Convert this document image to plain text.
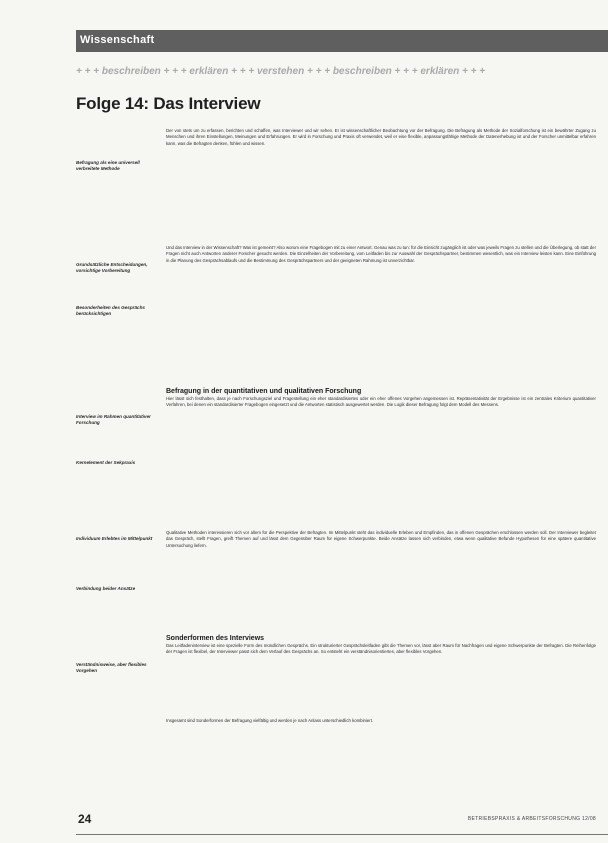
Wissenschaft
+ + + beschreiben + + + erklären + + + verstehen + + + beschreiben + + + erklären + + +
Folge 14: Das Interview
Befragung als eine universell verbreitete Methode
Grundsätzliche Entscheidungen, vorsichtige Vorbereitung
Besonderheiten des Gesprächs berücksichtigen
Interview im Rahmen quantitativer Forschung
Kernelement der Sekpraxis
Individuum Erlebtes im Mittelpunkt
Verbindung beider Ansätze
Verständnisweise, aber flexibles Vorgehen

Der von stets um zu erfassen, berichten und schaffen, was Interviewer und wir sehen. Er ist wissenschaftlicher Beobachtung vor der Befragung. Die Befragung als Methode der Sozialforschung ist ein bewährter Zugang zu Menschen und ihren Einstellungen, Meinungen und Erfahrungen. Er wird in Forschung und Praxis oft verwendet, weil er eine flexible, anpassungsfähige Methode der Datenerhebung ist und der Forscher unmittelbar erfahren kann, was die Befragten denken, fühlen und wissen.

Und das Interview in der Wissenschaft? Was ist gemeint? Also worum eine Fragebogen mit zu einer Antwort. Genau was zu tun: für die Einsicht zugänglich ist oder was jeweils Fragen zu stellen und die Überlegung, ob statt der Fragen nicht auch Antworten anderer Forscher gesucht werden. Die Einzelheiten der Vorbereitung, vom Leitfaden bis zur Auswahl der Gesprächspartner, bestimmen wesentlich, was ein Interview leisten kann. Eine Einführung in die Planung des Gesprächsablaufs und die Bestimmung des Gesprächspartners und der geeigneten Rahmung ist unverzichtbar.

Befragung in der quantitativen und qualitativen Forschung

Hier lässt sich festhalten, dass je nach Forschungsziel und Fragestellung ein eher standardisiertes oder ein eher offenes Vorgehen angemessen ist. Repräsentativität der Ergebnisse ist ein zentrales Kriterium quantitativer Verfahren, bei denen ein standardisierter Fragebogen eingesetzt und die Antworten statistisch ausgewertet werden. Die Logik dieser Befragung folgt dem Modell des Messens.

Qualitative Methoden interessieren sich vor allem für die Perspektive der Befragten. Im Mittelpunkt steht das individuelle Erleben und Empfinden, das in offenen Gesprächen erschlossen werden soll. Der Interviewer begleitet das Gespräch, stellt Fragen, greift Themen auf und lässt dem Gegenüber Raum für eigene Schwerpunkte. Beide Ansätze lassen sich verbinden, etwa wenn qualitative Befunde Hypothesen für eine spätere quantitative Untersuchung liefern.

Sonderformen des Interviews

Das Leitfadeninterview ist eine spezielle Form des mündlichen Gesprächs. Ein strukturierter Gesprächsleitfaden gibt die Themen vor, lässt aber Raum für Nachfragen und eigene Schwerpunkte der Befragten. Die Reihenfolge der Fragen ist flexibel, der Interviewer passt sich dem Verlauf des Gesprächs an. So entsteht ein verständnisorientiertes, aber flexibles Vorgehen.

Insgesamt sind Sonderformen der Befragung vielfältig und werden je nach Anlass unterschiedlich kombiniert.

24	BETRIEBSPRAXIS & ARBEITSFORSCHUNG 12/08
